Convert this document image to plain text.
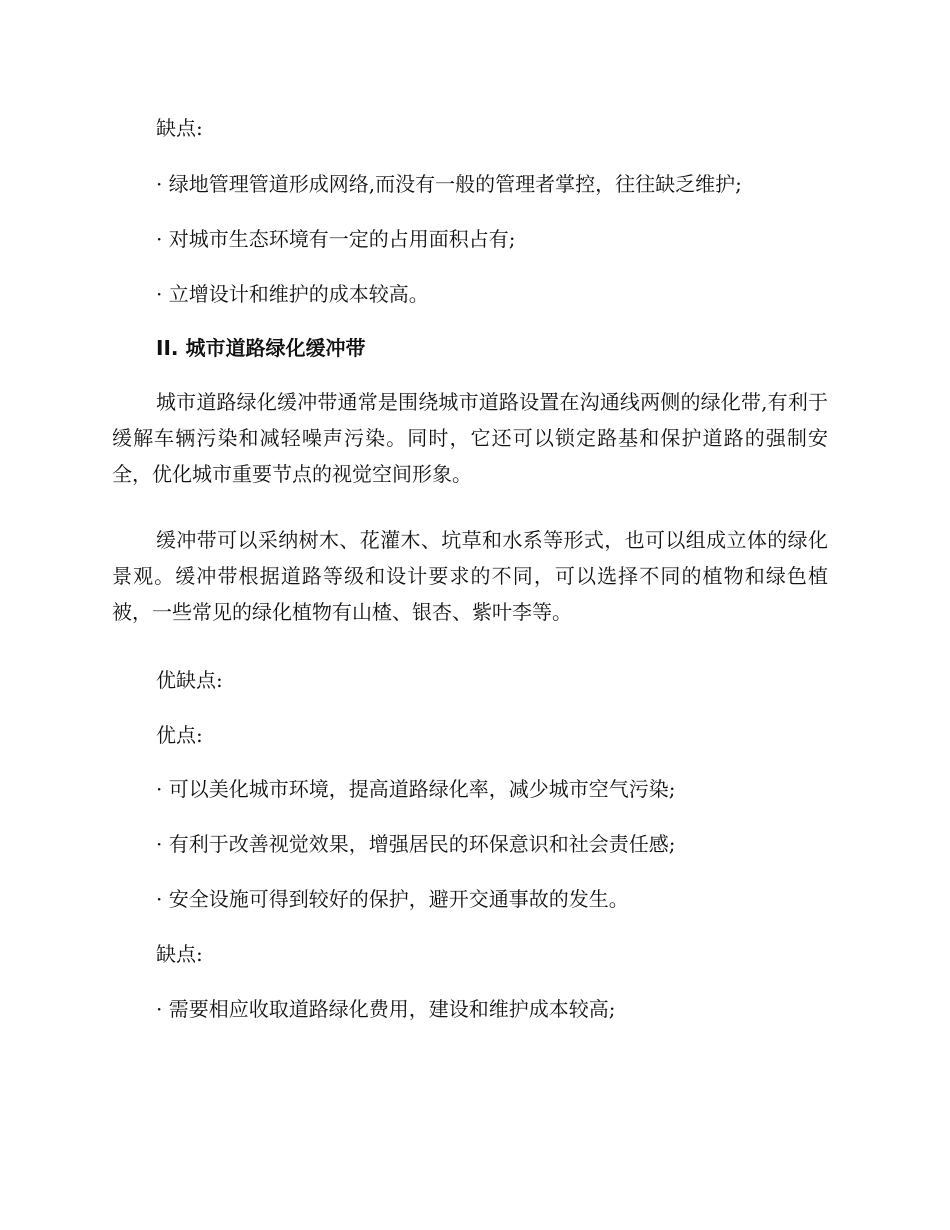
缺点:

· 绿地管理管道形成网络,而没有一般的管理者掌控，往往缺乏维护;

· 对城市生态环境有一定的占用面积占有;

· 立增设计和维护的成本较高。

II. 城市道路绿化缓冲带

城市道路绿化缓冲带通常是围绕城市道路设置在沟通线两侧的绿化带,有利于缓解车辆污染和减轻噪声污染。同时，它还可以锁定路基和保护道路的强制安全，优化城市重要节点的视觉空间形象。

缓冲带可以采纳树木、花灌木、坑草和水系等形式，也可以组成立体的绿化景观。缓冲带根据道路等级和设计要求的不同，可以选择不同的植物和绿色植被，一些常见的绿化植物有山楂、银杏、紫叶李等。

优缺点:

优点:

· 可以美化城市环境，提高道路绿化率，减少城市空气污染;

· 有利于改善视觉效果，增强居民的环保意识和社会责任感;

· 安全设施可得到较好的保护，避开交通事故的发生。

缺点:

· 需要相应收取道路绿化费用，建设和维护成本较高;
